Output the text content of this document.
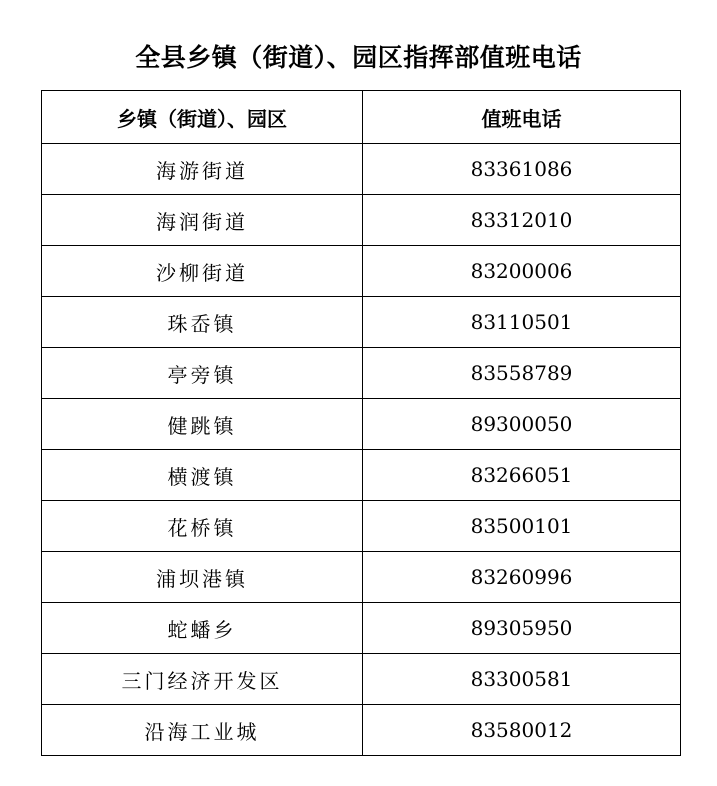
全县乡镇（街道）、园区指挥部值班电话
乡镇（街道）、园区	值班电话
海游街道	83361086
海润街道	83312010
沙柳街道	83200006
珠岙镇	83110501
亭旁镇	83558789
健跳镇	89300050
横渡镇	83266051
花桥镇	83500101
浦坝港镇	83260996
蛇蟠乡	89305950
三门经济开发区	83300581
沿海工业城	83580012
